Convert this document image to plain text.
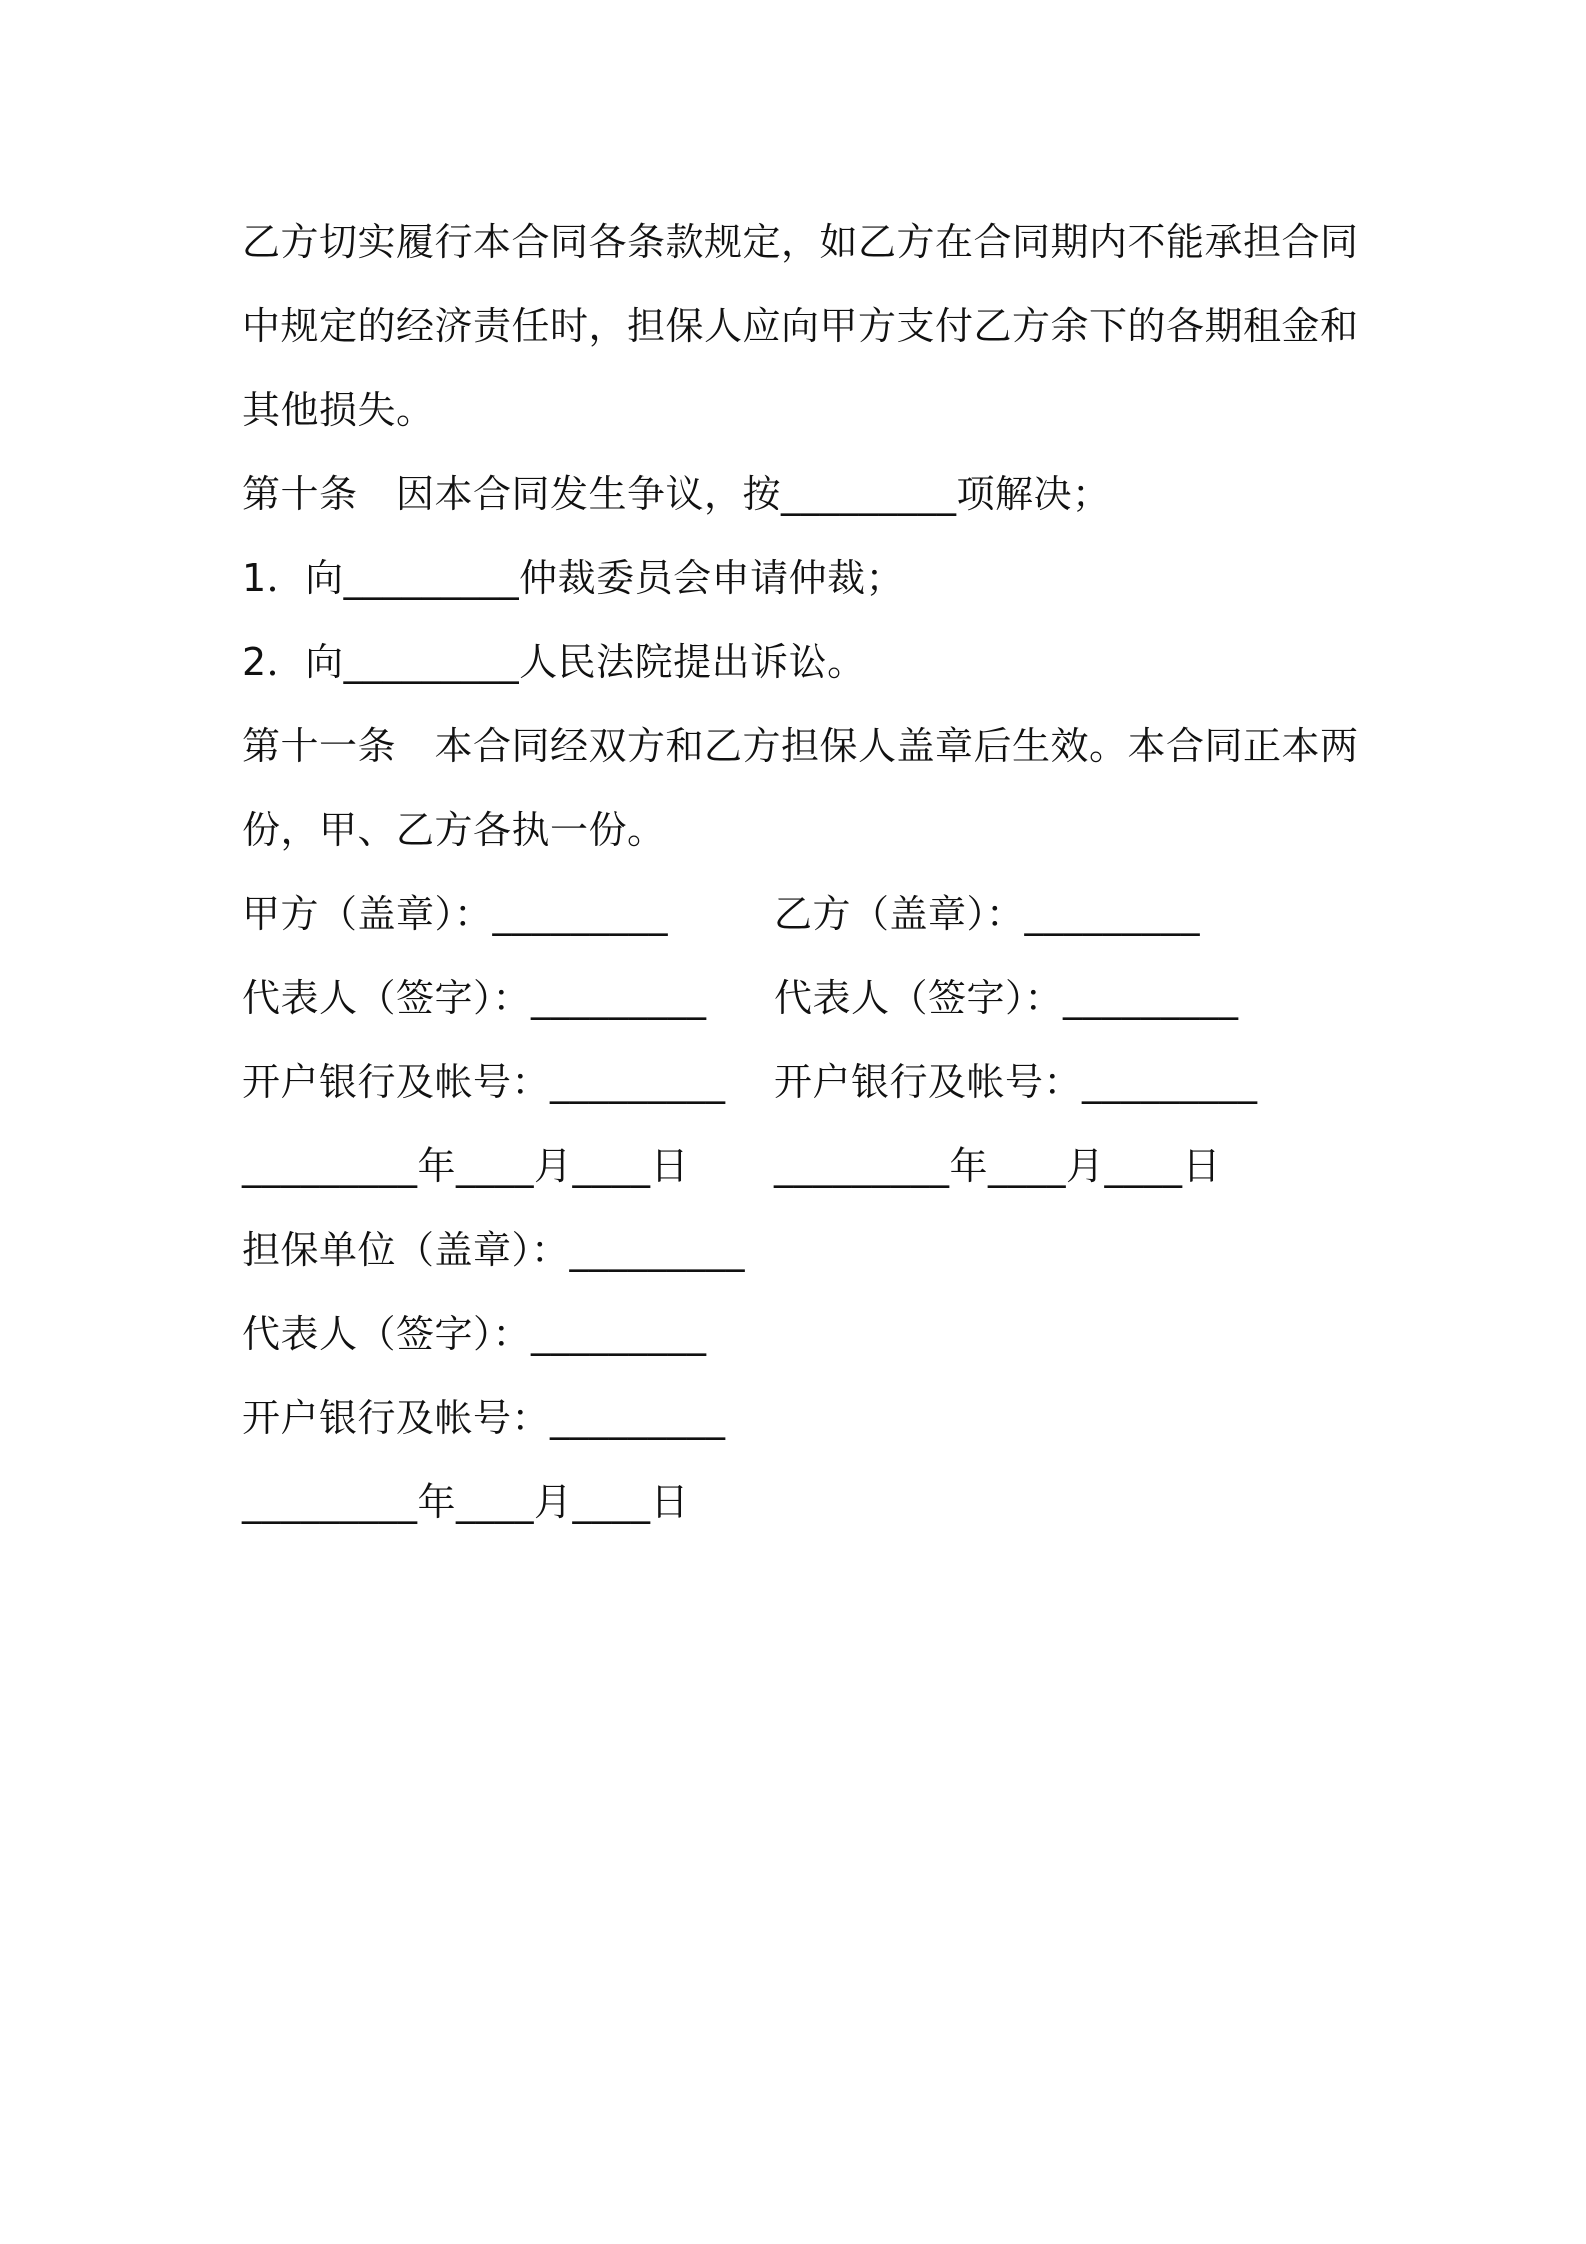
乙方切实履行本合同各条款规定，如乙方在合同期内不能承担合同中规定的经济责任时，担保人应向甲方支付乙方余下的各期租金和其他损失。

第十条　因本合同发生争议，按_________项解决；
1．向_________仲裁委员会申请仲裁；
2．向_________人民法院提出诉讼。

第十一条　本合同经双方和乙方担保人盖章后生效。本合同正本两份，甲、乙方各执一份。

甲方（盖章）：_________	乙方（盖章）：_________
代表人（签字）：_________	代表人（签字）：_________
开户银行及帐号：_________	开户银行及帐号：_________
_________年____月____日	_________年____月____日
担保单位（盖章）：_________
代表人（签字）：_________
开户银行及帐号：_________
_________年____月____日
